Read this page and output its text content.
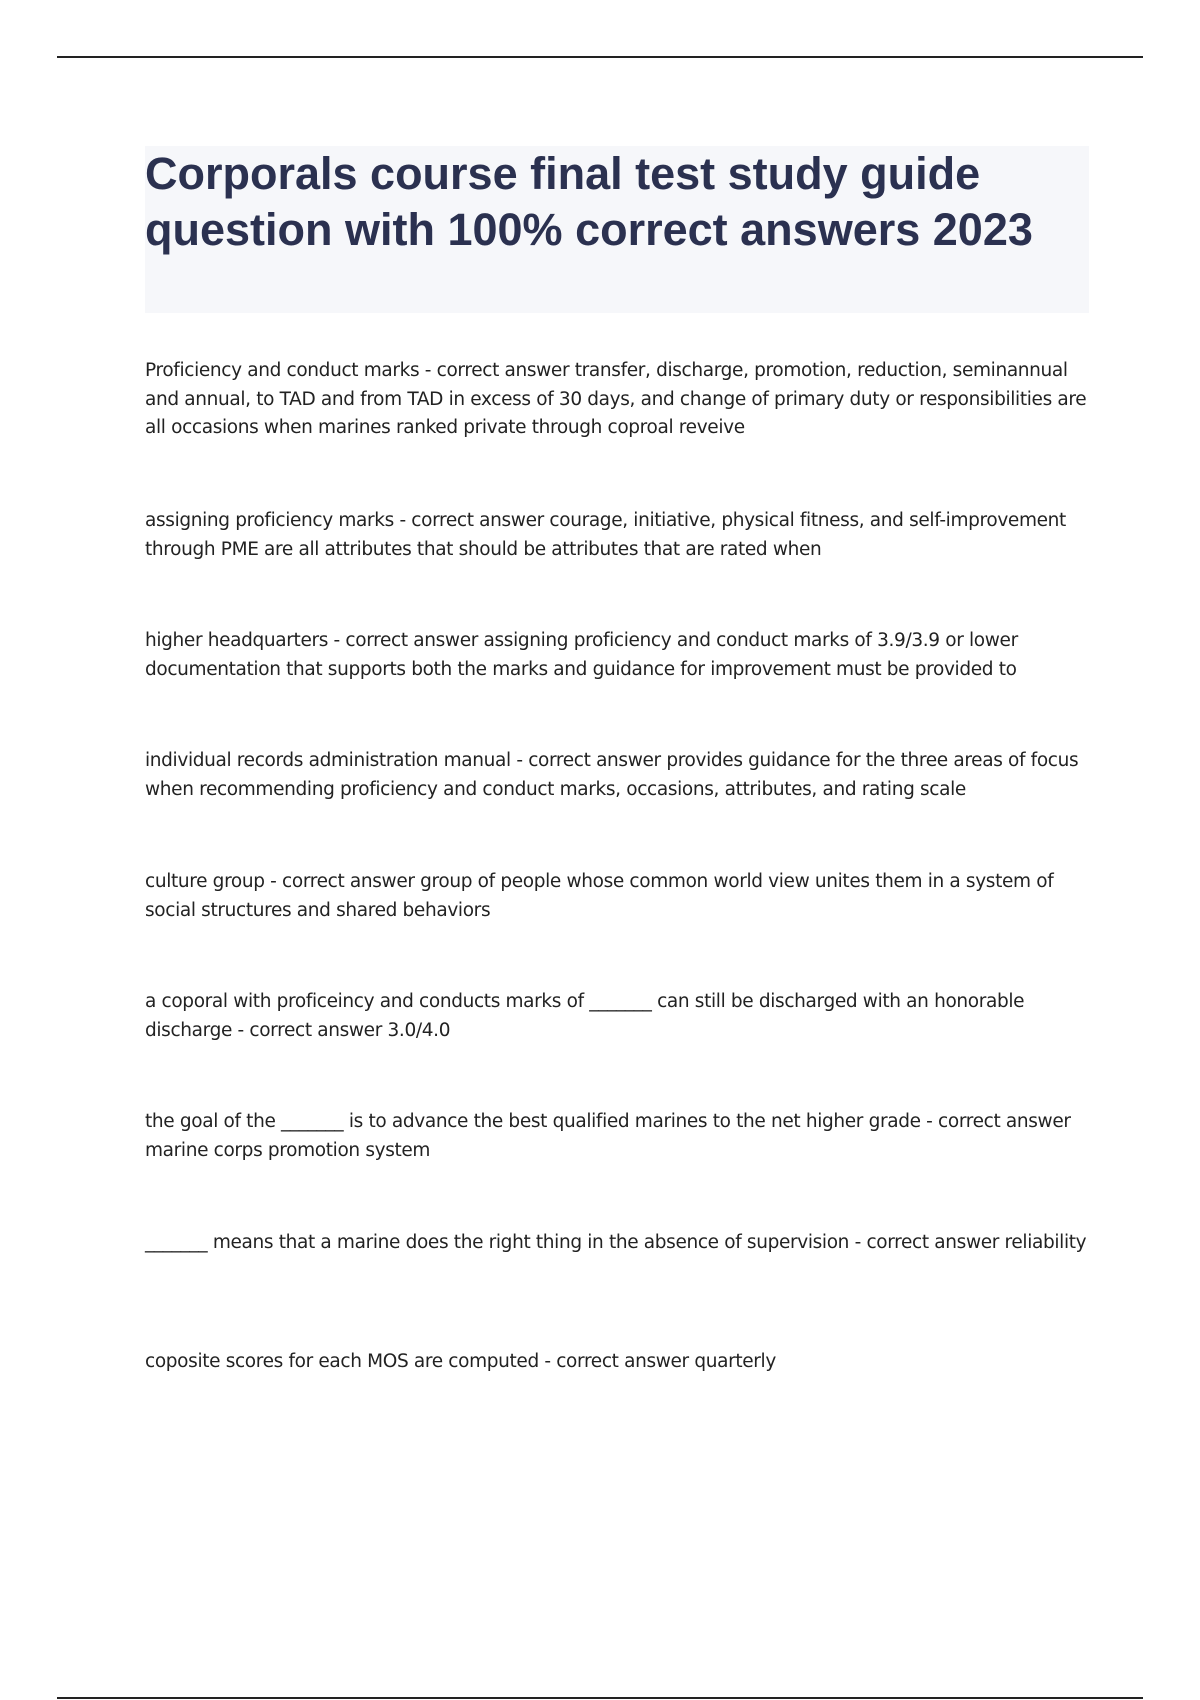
Corporals course final test study guide question with 100% correct answers 2023

Proficiency and conduct marks - correct answer transfer, discharge, promotion, reduction, seminannual and annual, to TAD and from TAD in excess of 30 days, and change of primary duty or responsibilities are all occasions when marines ranked private through coproal reveive

assigning proficiency marks - correct answer courage, initiative, physical fitness, and self-improvement through PME are all attributes that should be attributes that are rated when

higher headquarters - correct answer assigning proficiency and conduct marks of 3.9/3.9 or lower documentation that supports both the marks and guidance for improvement must be provided to

individual records administration manual - correct answer provides guidance for the three areas of focus when recommending proficiency and conduct marks, occasions, attributes, and rating scale

culture group - correct answer group of people whose common world view unites them in a system of social structures and shared behaviors

a coporal with proficeincy and conducts marks of _______ can still be discharged with an honorable discharge - correct answer 3.0/4.0

the goal of the _______ is to advance the best qualified marines to the net higher grade - correct answer marine corps promotion system

_______ means that a marine does the right thing in the absence of supervision - correct answer reliability

coposite scores for each MOS are computed - correct answer quarterly
